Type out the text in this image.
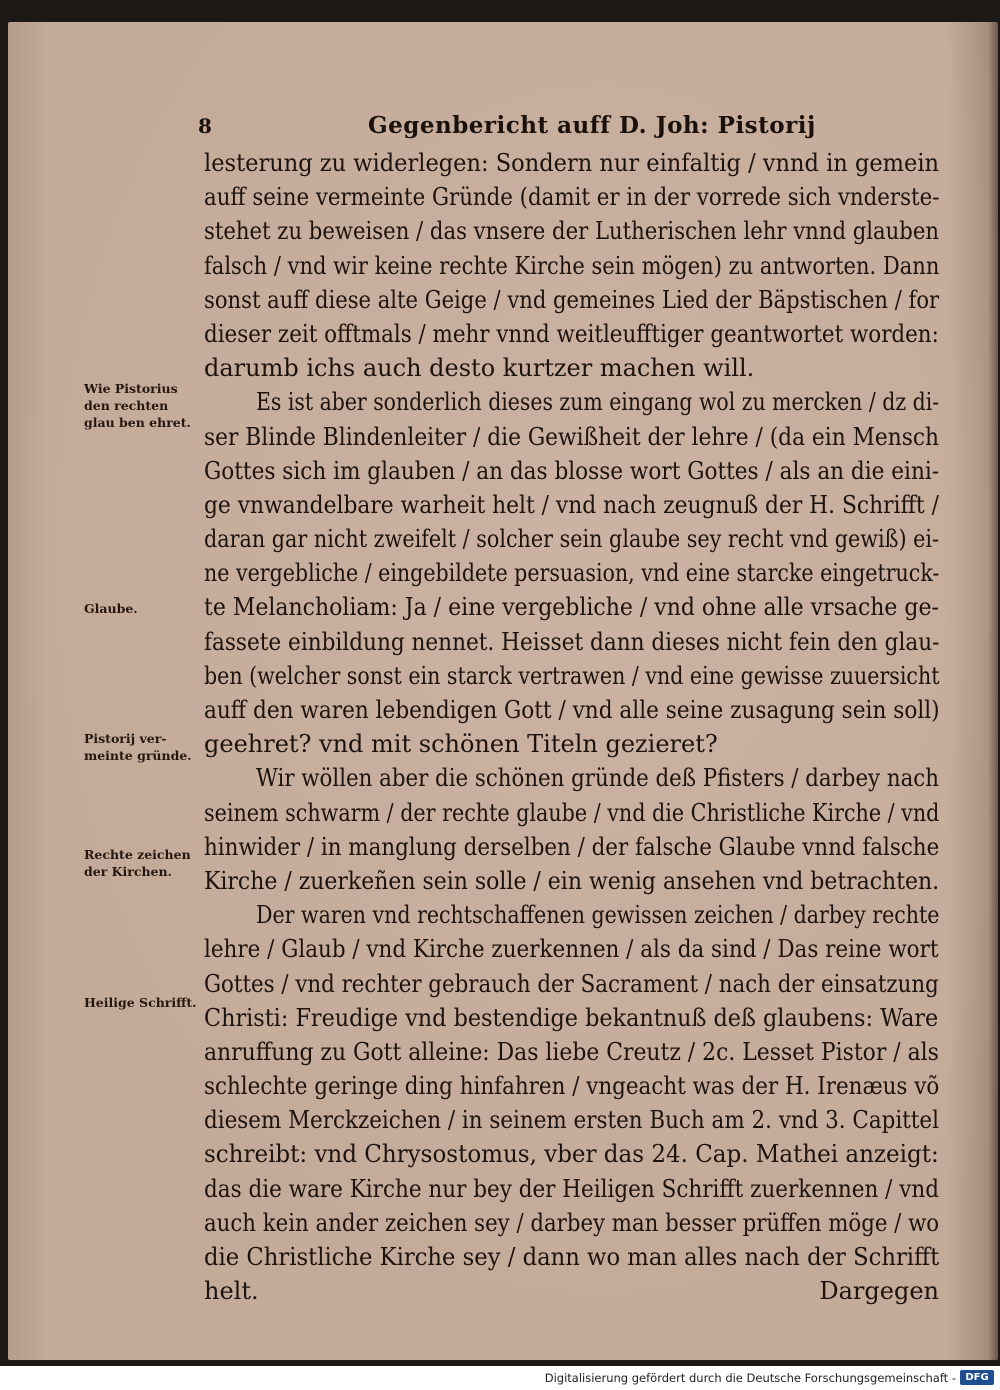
8	Gegenbericht auff D. Joh: Pistorij
Wie Pistorius den rechten glau ben ehret.
Glaube.
Pistorij ver- meinte gründe.
Rechte zeichen der Kirchen.
Heilige Schrifft.
lesterung zu widerlegen: Sondern nur einfaltig / vnnd in gemein
auff seine vermeinte Gründe (damit er in der vorrede sich vnderste-
stehet zu beweisen / das vnsere der Lutherischen lehr vnnd glauben
falsch / vnd wir keine rechte Kirche sein mögen) zu antworten. Dann
sonst auff diese alte Geige / vnd gemeines Lied der Bäpstischen / for
dieser zeit offtmals / mehr vnnd weitleufftiger geantwortet worden:
darumb ichs auch desto kurtzer machen will.
Es ist aber sonderlich dieses zum eingang wol zu mercken / dz di-
ser Blinde Blindenleiter / die Gewißheit der lehre / (da ein Mensch
Gottes sich im glauben / an das blosse wort Gottes / als an die eini-
ge vnwandelbare warheit helt / vnd nach zeugnuß der H. Schrifft /
daran gar nicht zweifelt / solcher sein glaube sey recht vnd gewiß) ei-
ne vergebliche / eingebildete persuasion, vnd eine starcke eingetruck-
te Melancholiam: Ja / eine vergebliche / vnd ohne alle vrsache ge-
fassete einbildung nennet. Heisset dann dieses nicht fein den glau-
ben (welcher sonst ein starck vertrawen / vnd eine gewisse zuuersicht
auff den waren lebendigen Gott / vnd alle seine zusagung sein soll)
geehret? vnd mit schönen Titeln gezieret?
Wir wöllen aber die schönen gründe deß Pfisters / darbey nach
seinem schwarm / der rechte glaube / vnd die Christliche Kirche / vnd
hinwider / in manglung derselben / der falsche Glaube vnnd falsche
Kirche / zuerkeñen sein solle / ein wenig ansehen vnd betrachten.
Der waren vnd rechtschaffenen gewissen zeichen / darbey rechte
lehre / Glaub / vnd Kirche zuerkennen / als da sind / Das reine wort
Gottes / vnd rechter gebrauch der Sacrament / nach der einsatzung
Christi: Freudige vnd bestendige bekantnuß deß glaubens: Ware
anruffung zu Gott alleine: Das liebe Creutz / 2c. Lesset Pistor / als
schlechte geringe ding hinfahren / vngeacht was der H. Irenæus võ
diesem Merckzeichen / in seinem ersten Buch am 2. vnd 3. Capittel
schreibt: vnd Chrysostomus, vber das 24. Cap. Mathei anzeigt:
das die ware Kirche nur bey der Heiligen Schrifft zuerkennen / vnd
auch kein ander zeichen sey / darbey man besser prüffen möge / wo
die Christliche Kirche sey / dann wo man alles nach der Schrifft
helt.	Dargegen
Digitalisierung gefördert durch die Deutsche Forschungsgemeinschaft - DFG
